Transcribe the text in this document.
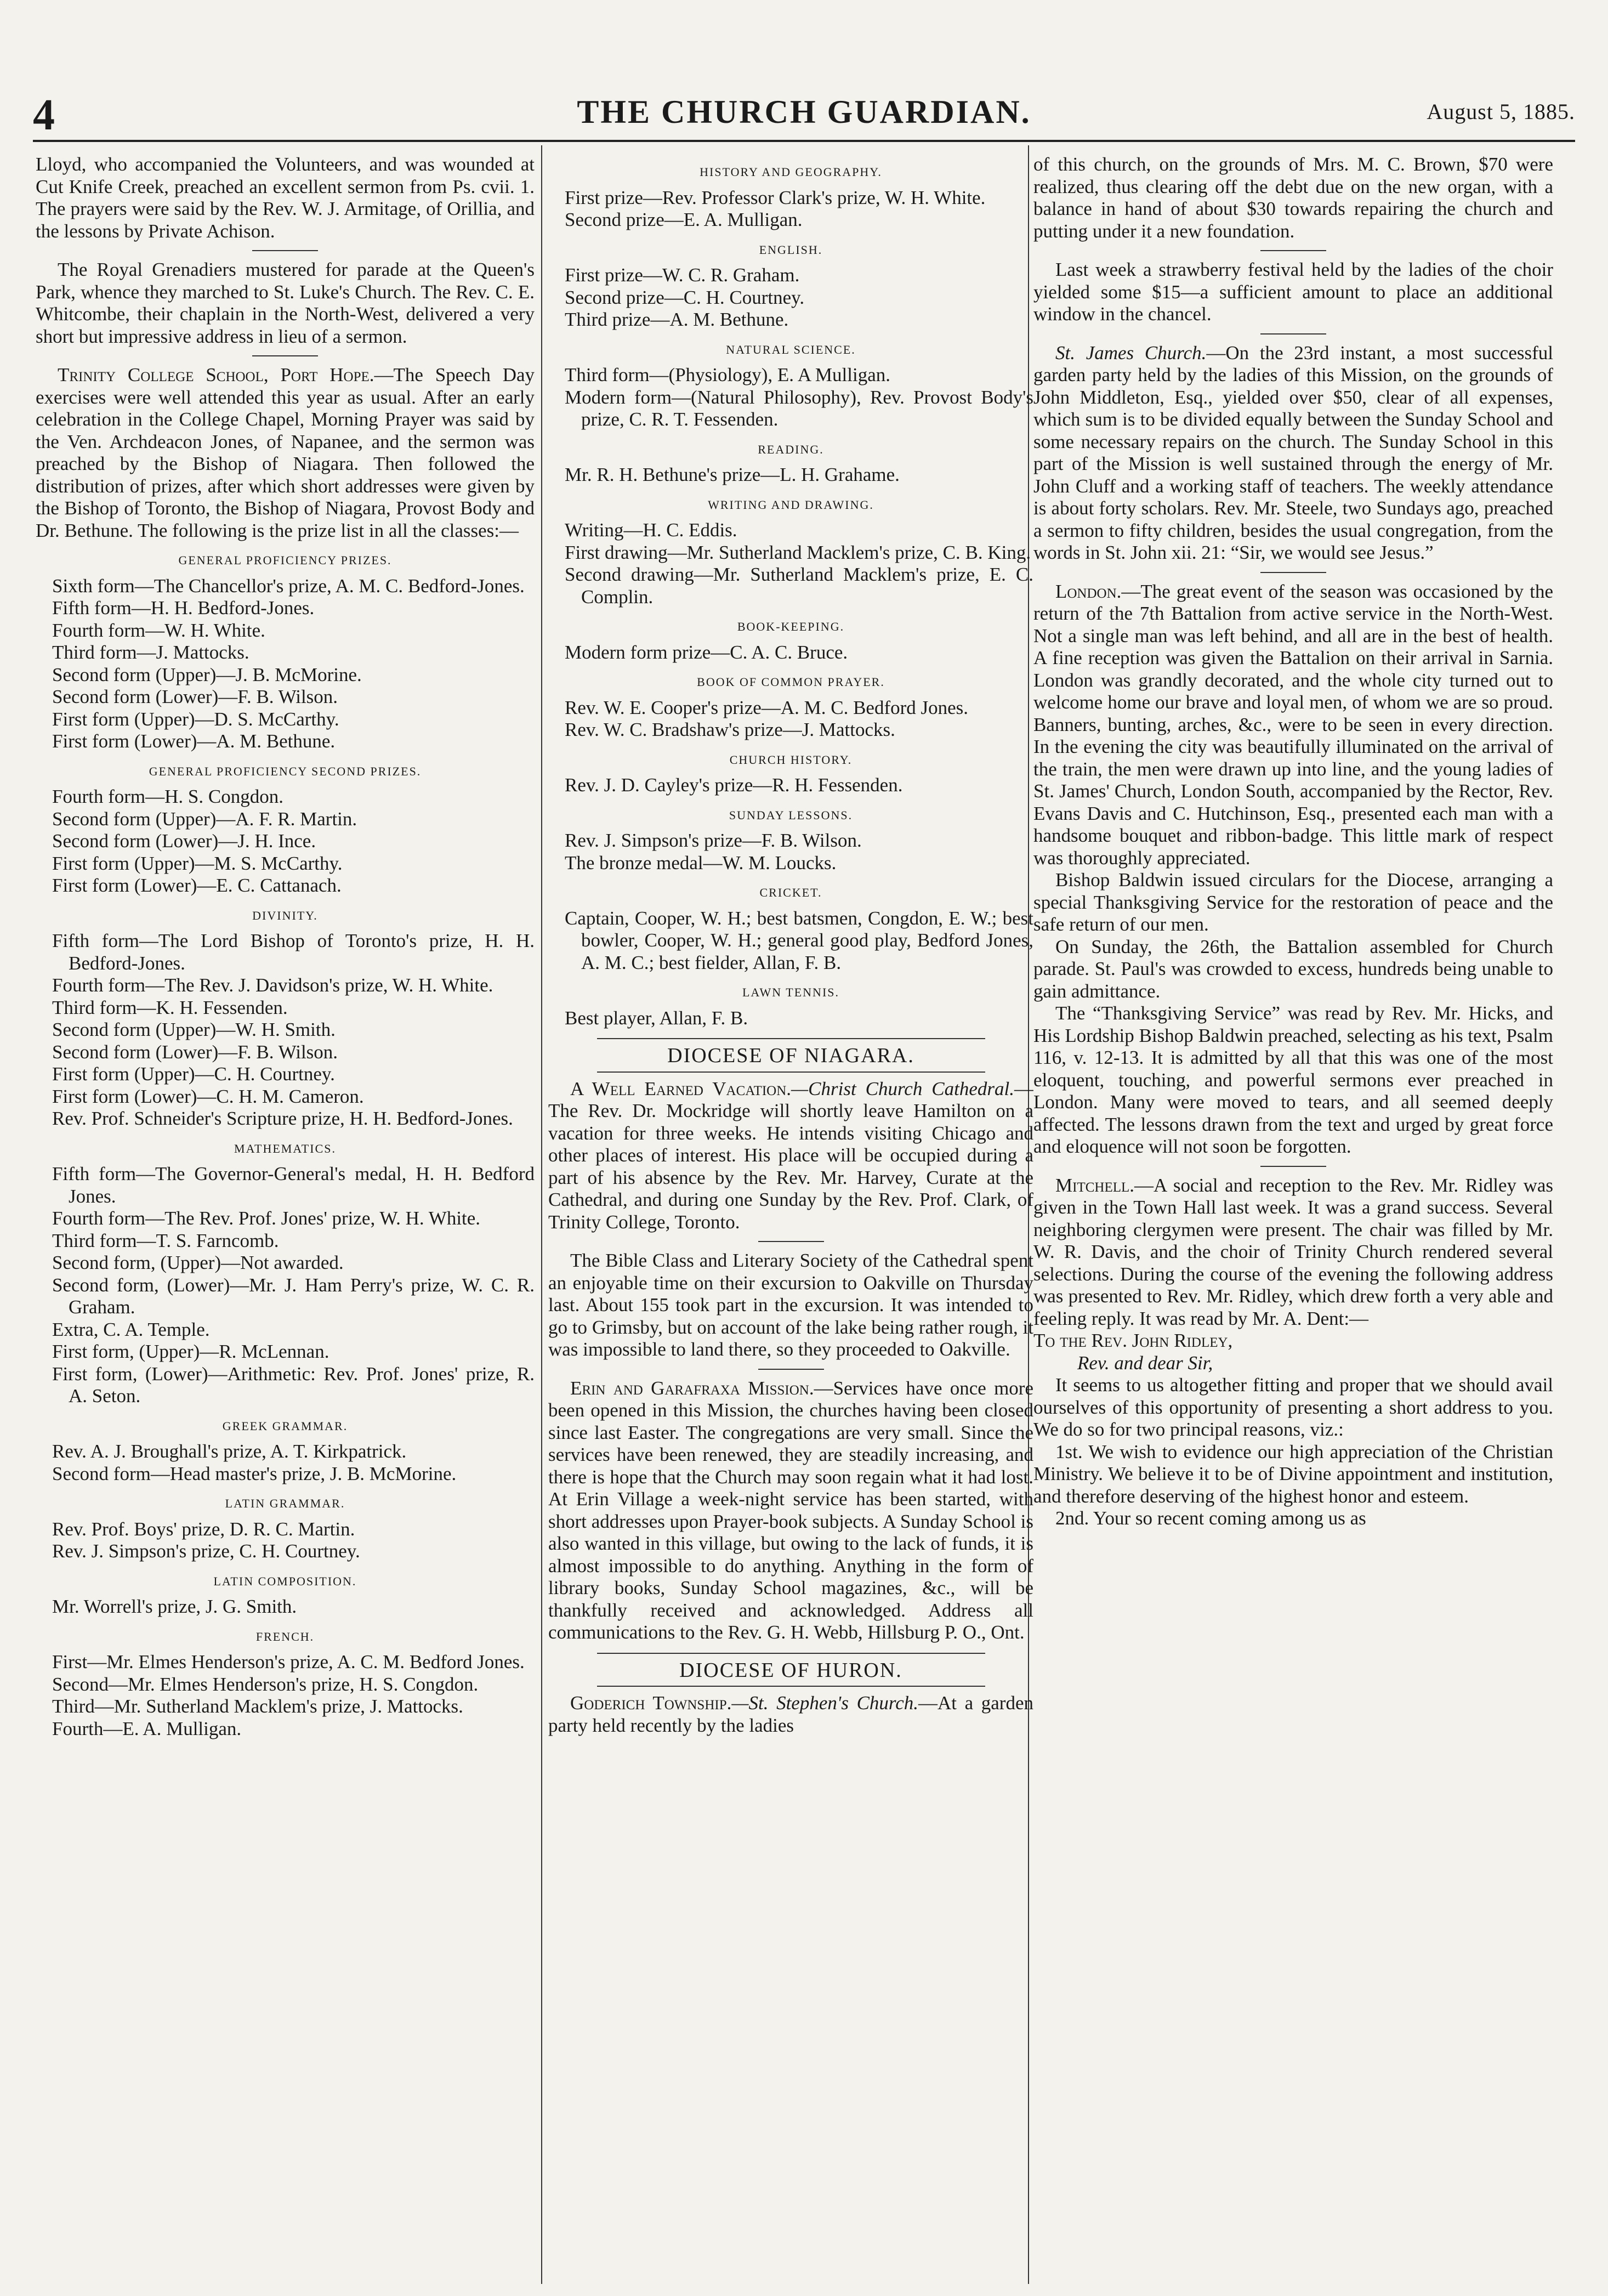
4	THE CHURCH GUARDIAN.	August 5, 1885.

Lloyd, who accompanied the Volunteers, and was wounded at Cut Knife Creek, preached an excellent sermon from Ps. cvii. 1. The prayers were said by the Rev. W. J. Armitage, of Orillia, and the lessons by Private Achison.

The Royal Grenadiers mustered for parade at the Queen's Park, whence they marched to St. Luke's Church. The Rev. C. E. Whitcombe, their chaplain in the North-West, delivered a very short but impressive address in lieu of a sermon.

Trinity College School, Port Hope.—The Speech Day exercises were well attended this year as usual. After an early celebration in the College Chapel, Morning Prayer was said by the Ven. Archdeacon Jones, of Napanee, and the sermon was preached by the Bishop of Niagara. Then followed the distribution of prizes, after which short addresses were given by the Bishop of Toronto, the Bishop of Niagara, Provost Body and Dr. Bethune. The following is the prize list in all the classes:—

GENERAL PROFICIENCY PRIZES.

Sixth form—The Chancellor's prize, A. M. C. Bedford-Jones.

Fifth form—H. H. Bedford-Jones.

Fourth form—W. H. White.

Third form—J. Mattocks.

Second form (Upper)—J. B. McMorine.

Second form (Lower)—F. B. Wilson.

First form (Upper)—D. S. McCarthy.

First form (Lower)—A. M. Bethune.

GENERAL PROFICIENCY SECOND PRIZES.

Fourth form—H. S. Congdon.

Second form (Upper)—A. F. R. Martin.

Second form (Lower)—J. H. Ince.

First form (Upper)—M. S. McCarthy.

First form (Lower)—E. C. Cattanach.

DIVINITY.

Fifth form—The Lord Bishop of Toronto's prize, H. H. Bedford-Jones.

Fourth form—The Rev. J. Davidson's prize, W. H. White.

Third form—K. H. Fessenden.

Second form (Upper)—W. H. Smith.

Second form (Lower)—F. B. Wilson.

First form (Upper)—C. H. Courtney.

First form (Lower)—C. H. M. Cameron.

Rev. Prof. Schneider's Scripture prize, H. H. Bedford-Jones.

MATHEMATICS.

Fifth form—The Governor-General's medal, H. H. Bedford Jones.

Fourth form—The Rev. Prof. Jones' prize, W. H. White.

Third form—T. S. Farncomb.

Second form, (Upper)—Not awarded.

Second form, (Lower)—Mr. J. Ham Perry's prize, W. C. R. Graham.

Extra, C. A. Temple.

First form, (Upper)—R. McLennan.

First form, (Lower)—Arithmetic: Rev. Prof. Jones' prize, R. A. Seton.

GREEK GRAMMAR.

Rev. A. J. Broughall's prize, A. T. Kirkpatrick.

Second form—Head master's prize, J. B. McMorine.

LATIN GRAMMAR.

Rev. Prof. Boys' prize, D. R. C. Martin.

Rev. J. Simpson's prize, C. H. Courtney.

LATIN COMPOSITION.

Mr. Worrell's prize, J. G. Smith.

FRENCH.

First—Mr. Elmes Henderson's prize, A. C. M. Bedford Jones.

Second—Mr. Elmes Henderson's prize, H. S. Congdon.

Third—Mr. Sutherland Macklem's prize, J. Mattocks.

Fourth—E. A. Mulligan.

HISTORY AND GEOGRAPHY.

First prize—Rev. Professor Clark's prize, W. H. White.

Second prize—E. A. Mulligan.

ENGLISH.

First prize—W. C. R. Graham.

Second prize—C. H. Courtney.

Third prize—A. M. Bethune.

NATURAL SCIENCE.

Third form—(Physiology), E. A Mulligan.

Modern form—(Natural Philosophy), Rev. Provost Body's prize, C. R. T. Fessenden.

READING.

Mr. R. H. Bethune's prize—L. H. Grahame.

WRITING AND DRAWING.

Writing—H. C. Eddis.

First drawing—Mr. Sutherland Macklem's prize, C. B. King.

Second drawing—Mr. Sutherland Macklem's prize, E. C. Complin.

BOOK-KEEPING.

Modern form prize—C. A. C. Bruce.

BOOK OF COMMON PRAYER.

Rev. W. E. Cooper's prize—A. M. C. Bedford Jones.

Rev. W. C. Bradshaw's prize—J. Mattocks.

CHURCH HISTORY.

Rev. J. D. Cayley's prize—R. H. Fessenden.

SUNDAY LESSONS.

Rev. J. Simpson's prize—F. B. Wilson.

The bronze medal—W. M. Loucks.

CRICKET.

Captain, Cooper, W. H.; best batsmen, Congdon, E. W.; best bowler, Cooper, W. H.; general good play, Bedford Jones, A. M. C.; best fielder, Allan, F. B.

LAWN TENNIS.

Best player, Allan, F. B.

DIOCESE OF NIAGARA.

A Well Earned Vacation.—Christ Church Cathedral.—The Rev. Dr. Mockridge will shortly leave Hamilton on a vacation for three weeks. He intends visiting Chicago and other places of interest. His place will be occupied during a part of his absence by the Rev. Mr. Harvey, Curate at the Cathedral, and during one Sunday by the Rev. Prof. Clark, of Trinity College, Toronto.

The Bible Class and Literary Society of the Cathedral spent an enjoyable time on their excursion to Oakville on Thursday last. About 155 took part in the excursion. It was intended to go to Grimsby, but on account of the lake being rather rough, it was impossible to land there, so they proceeded to Oakville.

Erin and Garafraxa Mission.—Services have once more been opened in this Mission, the churches having been closed since last Easter. The congregations are very small. Since the services have been renewed, they are steadily increasing, and there is hope that the Church may soon regain what it had lost. At Erin Village a week-night service has been started, with short addresses upon Prayer-book subjects. A Sunday School is also wanted in this village, but owing to the lack of funds, it is almost impossible to do anything. Anything in the form of library books, Sunday School magazines, &c., will be thankfully received and acknowledged. Address all communications to the Rev. G. H. Webb, Hillsburg P. O., Ont.

DIOCESE OF HURON.

Goderich Township.—St. Stephen's Church.—At a garden party held recently by the ladies

of this church, on the grounds of Mrs. M. C. Brown, $70 were realized, thus clearing off the debt due on the new organ, with a balance in hand of about $30 towards repairing the church and putting under it a new foundation.

Last week a strawberry festival held by the ladies of the choir yielded some $15—a sufficient amount to place an additional window in the chancel.

St. James Church.—On the 23rd instant, a most successful garden party held by the ladies of this Mission, on the grounds of John Middleton, Esq., yielded over $50, clear of all expenses, which sum is to be divided equally between the Sunday School and some necessary repairs on the church. The Sunday School in this part of the Mission is well sustained through the energy of Mr. John Cluff and a working staff of teachers. The weekly attendance is about forty scholars. Rev. Mr. Steele, two Sundays ago, preached a sermon to fifty children, besides the usual congregation, from the words in St. John xii. 21: “Sir, we would see Jesus.”

London.—The great event of the season was occasioned by the return of the 7th Battalion from active service in the North-West. Not a single man was left behind, and all are in the best of health. A fine reception was given the Battalion on their arrival in Sarnia. London was grandly decorated, and the whole city turned out to welcome home our brave and loyal men, of whom we are so proud. Banners, bunting, arches, &c., were to be seen in every direction. In the evening the city was beautifully illuminated on the arrival of the train, the men were drawn up into line, and the young ladies of St. James' Church, London South, accompanied by the Rector, Rev. Evans Davis and C. Hutchinson, Esq., presented each man with a handsome bouquet and ribbon-badge. This little mark of respect was thoroughly appreciated.

Bishop Baldwin issued circulars for the Diocese, arranging a special Thanksgiving Service for the restoration of peace and the safe return of our men.

On Sunday, the 26th, the Battalion assembled for Church parade. St. Paul's was crowded to excess, hundreds being unable to gain admittance.

The “Thanksgiving Service” was read by Rev. Mr. Hicks, and His Lordship Bishop Baldwin preached, selecting as his text, Psalm 116, v. 12-13. It is admitted by all that this was one of the most eloquent, touching, and powerful sermons ever preached in London. Many were moved to tears, and all seemed deeply affected. The lessons drawn from the text and urged by great force and eloquence will not soon be forgotten.

Mitchell.—A social and reception to the Rev. Mr. Ridley was given in the Town Hall last week. It was a grand success. Several neighboring clergymen were present. The chair was filled by Mr. W. R. Davis, and the choir of Trinity Church rendered several selections. During the course of the evening the following address was presented to Rev. Mr. Ridley, which drew forth a very able and feeling reply. It was read by Mr. A. Dent:—

To the Rev. John Ridley,

Rev. and dear Sir,

It seems to us altogether fitting and proper that we should avail ourselves of this opportunity of presenting a short address to you. We do so for two principal reasons, viz.:

1st. We wish to evidence our high appreciation of the Christian Ministry. We believe it to be of Divine appointment and institution, and therefore deserving of the highest honor and esteem.

2nd. Your so recent coming among us as
